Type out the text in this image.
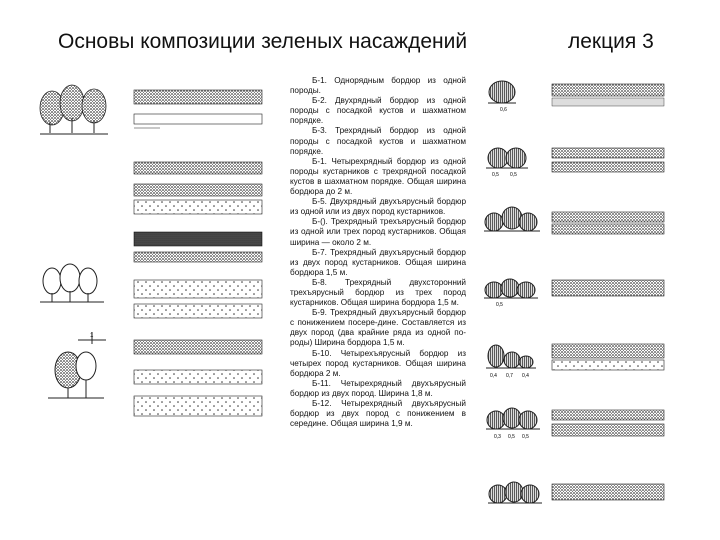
Основы композиции зеленых насаждений	лекция 3

Б-1. Однорядным бордюр из одной породы.

Б-2. Двухрядный бордюр из одной породы с посадкой кустов и шахматном порядке.

Б-3. Трехрядный бордюр из одной породы с посадкой кустов и шахматном порядке.

Б-1. Четырехрядный бордюр из одной породы кустарников с трехрядной посадкой кустов в шахматном порядке. Общая ширина бордюра до 2 м.

Б-5. Двухрядный двухъярусный бордюр из одной или из двух пород кустарников.

Б-(). Трехрядный трехъярусный бордюр из одной или трех пород кустарников. Общая ширина — около 2 м.

Б-7. Трехрядный двухъярусный бордюр из двух пород кустарников. Общая ширина бордюра 1,5 м.

Б-8. Трехрядный двухсторонний трехъярусный бордюр из трех пород кустарников. Общая ширина бордюра 1,5 м.

Б-9. Трехрядный двухъярусный бордюр с понижением посере-дине. Составляется из двух пород (два крайние ряда из одной по-роды) Ширина бордюра 1,5 м.

Б-10. Четырехъярусный бордюр из четырех пород кустарников. Общая ширина бордюра 2 м.

Б-11. Четырехрядный двухъярусный бордюр из двух пород. Ширина 1,8 м.

Б-12. Четырехрядный двухъярусный бордюр из двух пород с понижением в середине. Общая ширина 1,9 м.

1
0,6
0,5 0,5
0,5
0,4 0,7 0,4
0,3 0,5 0,5
